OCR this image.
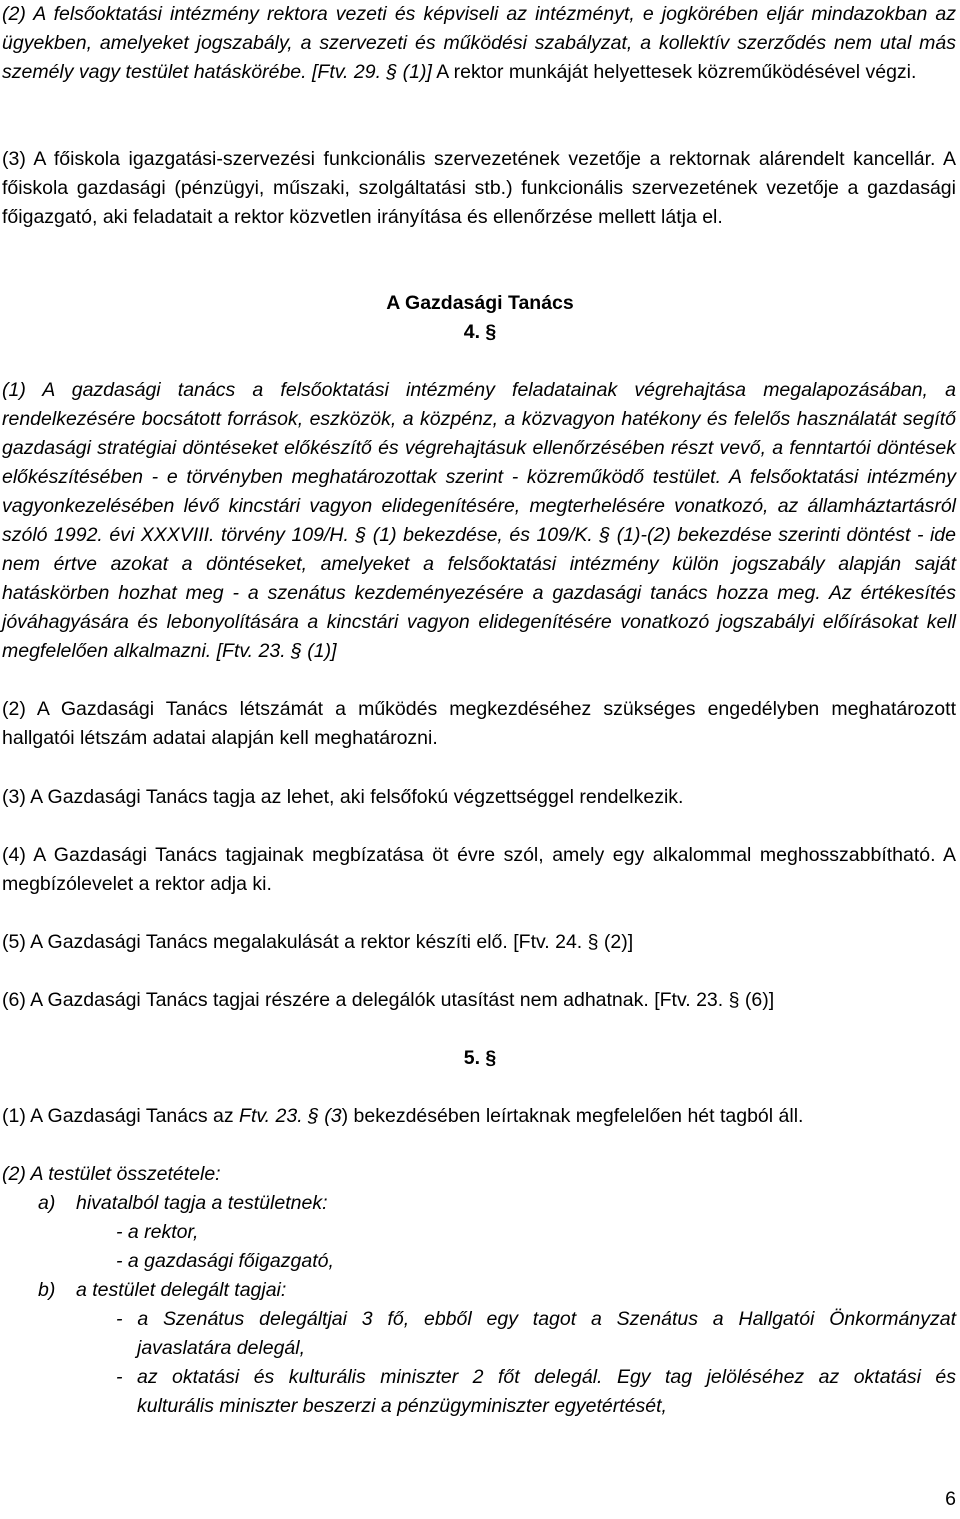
(2) A felsőoktatási intézmény rektora vezeti és képviseli az intézményt, e jogkörében eljár mindazokban az ügyekben, amelyeket jogszabály, a szervezeti és működési szabályzat, a kollektív szerződés nem utal más személy vagy testület hatáskörébe. [Ftv. 29. § (1)] A rektor munkáját helyettesek közreműködésével végzi.

(3) A főiskola igazgatási-szervezési funkcionális szervezetének vezetője a rektornak alárendelt kancellár. A főiskola gazdasági (pénzügyi, műszaki, szolgáltatási stb.) funkcionális szervezetének vezetője a gazdasági főigazgató, aki feladatait a rektor közvetlen irányítása és ellenőrzése mellett látja el.

A Gazdasági Tanács

4. §

(1) A gazdasági tanács a felsőoktatási intézmény feladatainak végrehajtása megalapozásában, a rendelkezésére bocsátott források, eszközök, a közpénz, a közvagyon hatékony és felelős használatát segítő gazdasági stratégiai döntéseket előkészítő és végrehajtásuk ellenőrzésében részt vevő, a fenntartói döntések előkészítésében - e törvényben meghatározottak szerint - közreműködő testület. A felsőoktatási intézmény vagyonkezelésében lévő kincstári vagyon elidegenítésére, megterhelésére vonatkozó, az államháztartásról szóló 1992. évi XXXVIII. törvény 109/H. § (1) bekezdése, és 109/K. § (1)-(2) bekezdése szerinti döntést - ide nem értve azokat a döntéseket, amelyeket a felsőoktatási intézmény külön jogszabály alapján saját hatáskörben hozhat meg - a szenátus kezdeményezésére a gazdasági tanács hozza meg. Az értékesítés jóváhagyására és lebonyolítására a kincstári vagyon elidegenítésére vonatkozó jogszabályi előírásokat kell megfelelően alkalmazni. [Ftv. 23. § (1)]

(2) A Gazdasági Tanács létszámát a működés megkezdéséhez szükséges engedélyben meghatározott hallgatói létszám adatai alapján kell meghatározni.

(3) A Gazdasági Tanács tagja az lehet, aki felsőfokú végzettséggel rendelkezik.

(4) A Gazdasági Tanács tagjainak megbízatása öt évre szól, amely egy alkalommal meghosszabbítható. A megbízólevelet a rektor adja ki.

(5) A Gazdasági Tanács megalakulását a rektor készíti elő. [Ftv. 24. § (2)]

(6) A Gazdasági Tanács tagjai részére a delegálók utasítást nem adhatnak. [Ftv. 23. § (6)]

5. §

(1) A Gazdasági Tanács az Ftv. 23. § (3) bekezdésében leírtaknak megfelelően hét tagból áll.

(2) A testület összetétele:

a) hivatalból tagja a testületnek:

- a rektor,

- a gazdasági főigazgató,

b) a testület delegált tagjai:

- a Szenátus delegáltjai 3 fő, ebből egy tagot a Szenátus a Hallgatói Önkormányzat

javaslatára delegál,

- az oktatási és kulturális miniszter 2 főt delegál. Egy tag jelöléséhez az oktatási és

kulturális miniszter beszerzi a pénzügyminiszter egyetértését,

6
